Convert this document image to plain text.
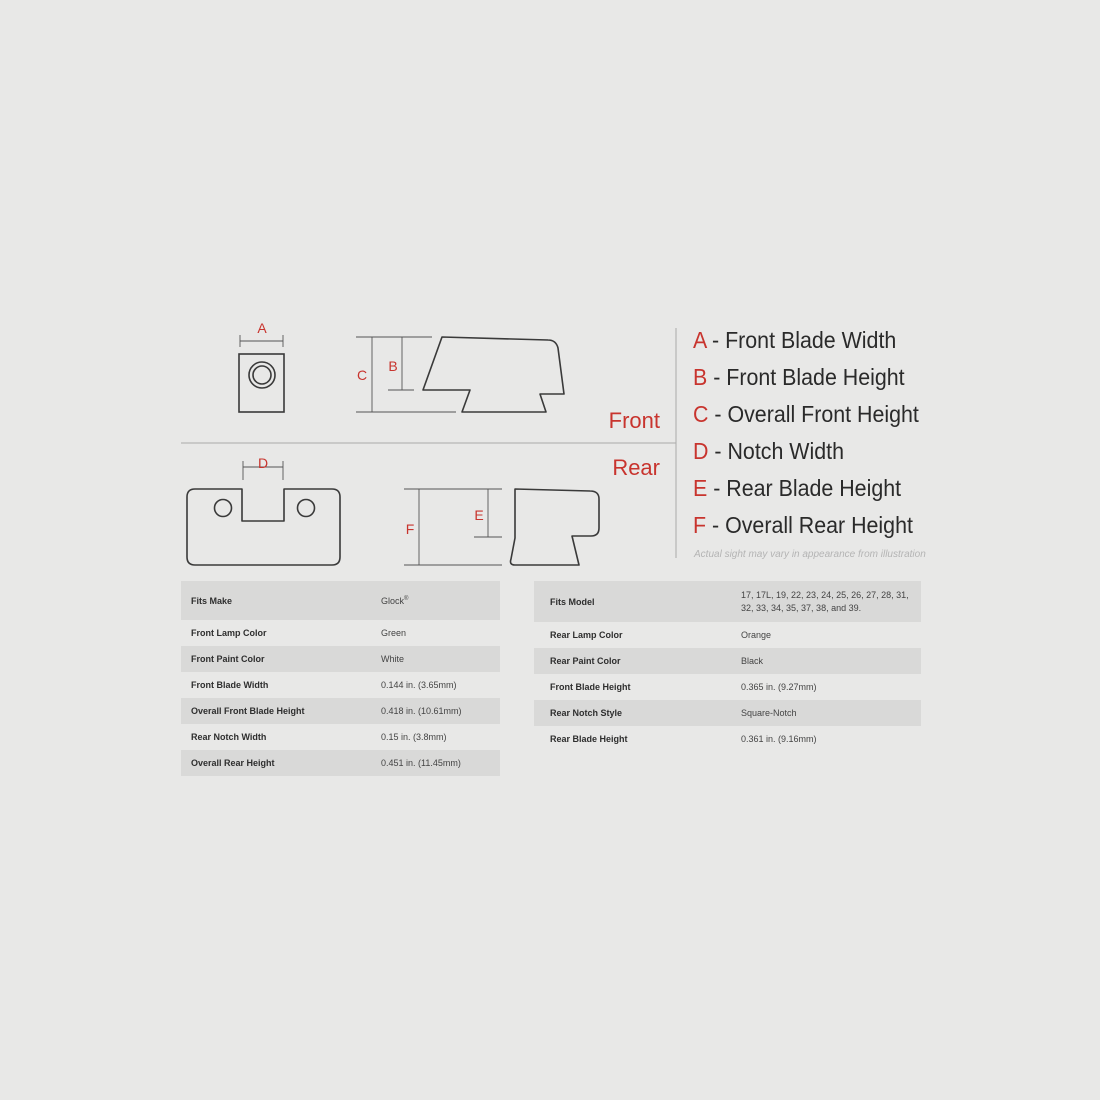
A
B
C
D
E
F
Front
Rear
A - Front Blade Width
B - Front Blade Height
C - Overall Front Height
D - Notch Width
E - Rear Blade Height
F - Overall Rear Height
Actual sight may vary in appearance from illustration
Fits Make	Glock®
Front Lamp Color	Green
Front Paint Color	White
Front Blade Width	0.144 in. (3.65mm)
Overall Front Blade Height	0.418 in. (10.61mm)
Rear Notch Width	0.15 in. (3.8mm)
Overall Rear Height	0.451 in. (11.45mm)
Fits Model	17, 17L, 19, 22, 23, 24, 25, 26, 27, 28, 31, 32, 33, 34, 35, 37, 38, and 39.
Rear Lamp Color	Orange
Rear Paint Color	Black
Front Blade Height	0.365 in. (9.27mm)
Rear Notch Style	Square-Notch
Rear Blade Height	0.361 in. (9.16mm)
